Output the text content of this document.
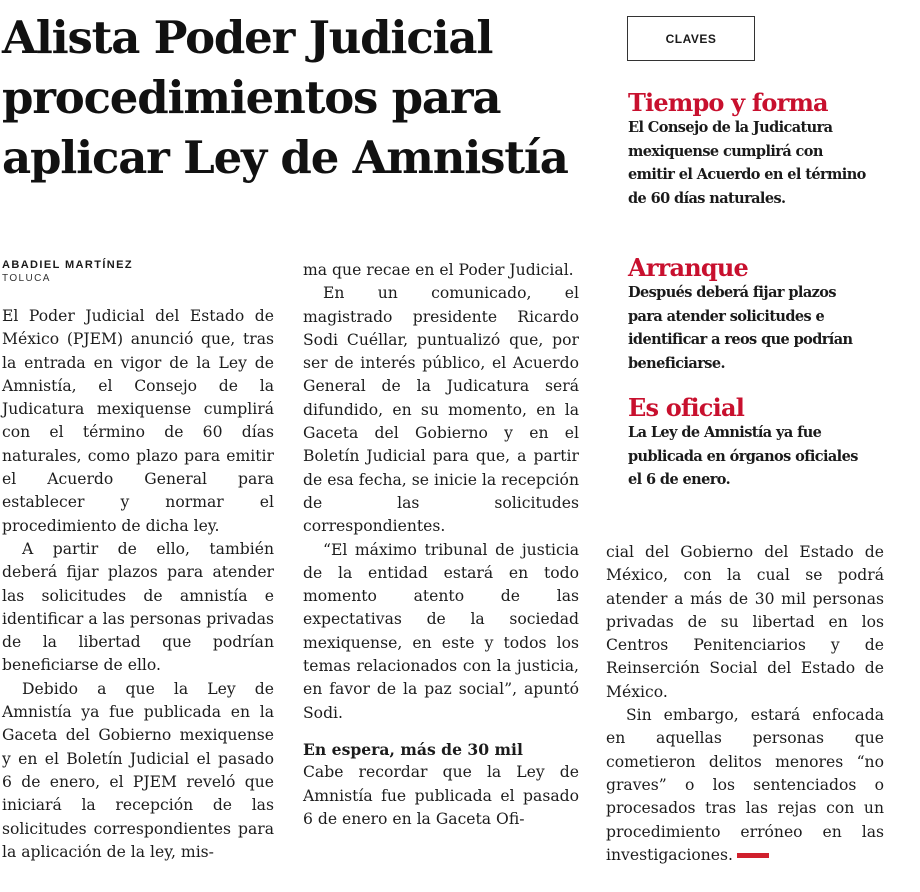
Alista Poder Judicial procedimientos para aplicar Ley de Amnistía
ABADIEL MARTÍNEZ
TOLUCA

El Poder Judicial del Estado de México (PJEM) anunció que, tras la entrada en vigor de la Ley de Amnistía, el Consejo de la Judicatura mexiquense cumplirá con el término de 60 días naturales, como plazo para emitir el Acuerdo General para establecer y normar el procedimiento de dicha ley.

A partir de ello, también deberá fijar plazos para atender las solicitudes de amnistía e identificar a las personas privadas de la libertad que podrían beneficiarse de ello.

Debido a que la Ley de Amnistía ya fue publicada en la Gaceta del Gobierno mexiquense y en el Boletín Judicial el pasado 6 de enero, el PJEM reveló que iniciará la recepción de las solicitudes correspondientes para la aplicación de la ley, mis-

ma que recae en el Poder Judicial.

En un comunicado, el magistrado presidente Ricardo Sodi Cuéllar, puntualizó que, por ser de interés público, el Acuerdo General de la Judicatura será difundido, en su momento, en la Gaceta del Gobierno y en el Boletín Judicial para que, a partir de esa fecha, se inicie la recepción de las solicitudes correspondientes.

“El máximo tribunal de justicia de la entidad estará en todo momento atento de las expectativas de la sociedad mexiquense, en este y todos los temas relacionados con la justicia, en favor de la paz social”, apuntó Sodi.

En espera, más de 30 mil

Cabe recordar que la Ley de Amnistía fue publicada el pasado 6 de enero en la Gaceta Ofi-

cial del Gobierno del Estado de México, con la cual se podrá atender a más de 30 mil personas privadas de su libertad en los Centros Penitenciarios y de Reinserción Social del Estado de México.

Sin embargo, estará enfocada en aquellas personas que cometieron delitos menores “no graves” o los sentenciados o procesados tras las rejas con un procedimiento erróneo en las investigaciones.

CLAVES
Tiempo y forma

El Consejo de la Judicatura mexiquense cumplirá con emitir el Acuerdo en el término de 60 días naturales.

Arranque

Después deberá fijar plazos para atender solicitudes e identificar a reos que podrían beneficiarse.

Es oficial

La Ley de Amnistía ya fue publicada en órganos oficiales el 6 de enero.
